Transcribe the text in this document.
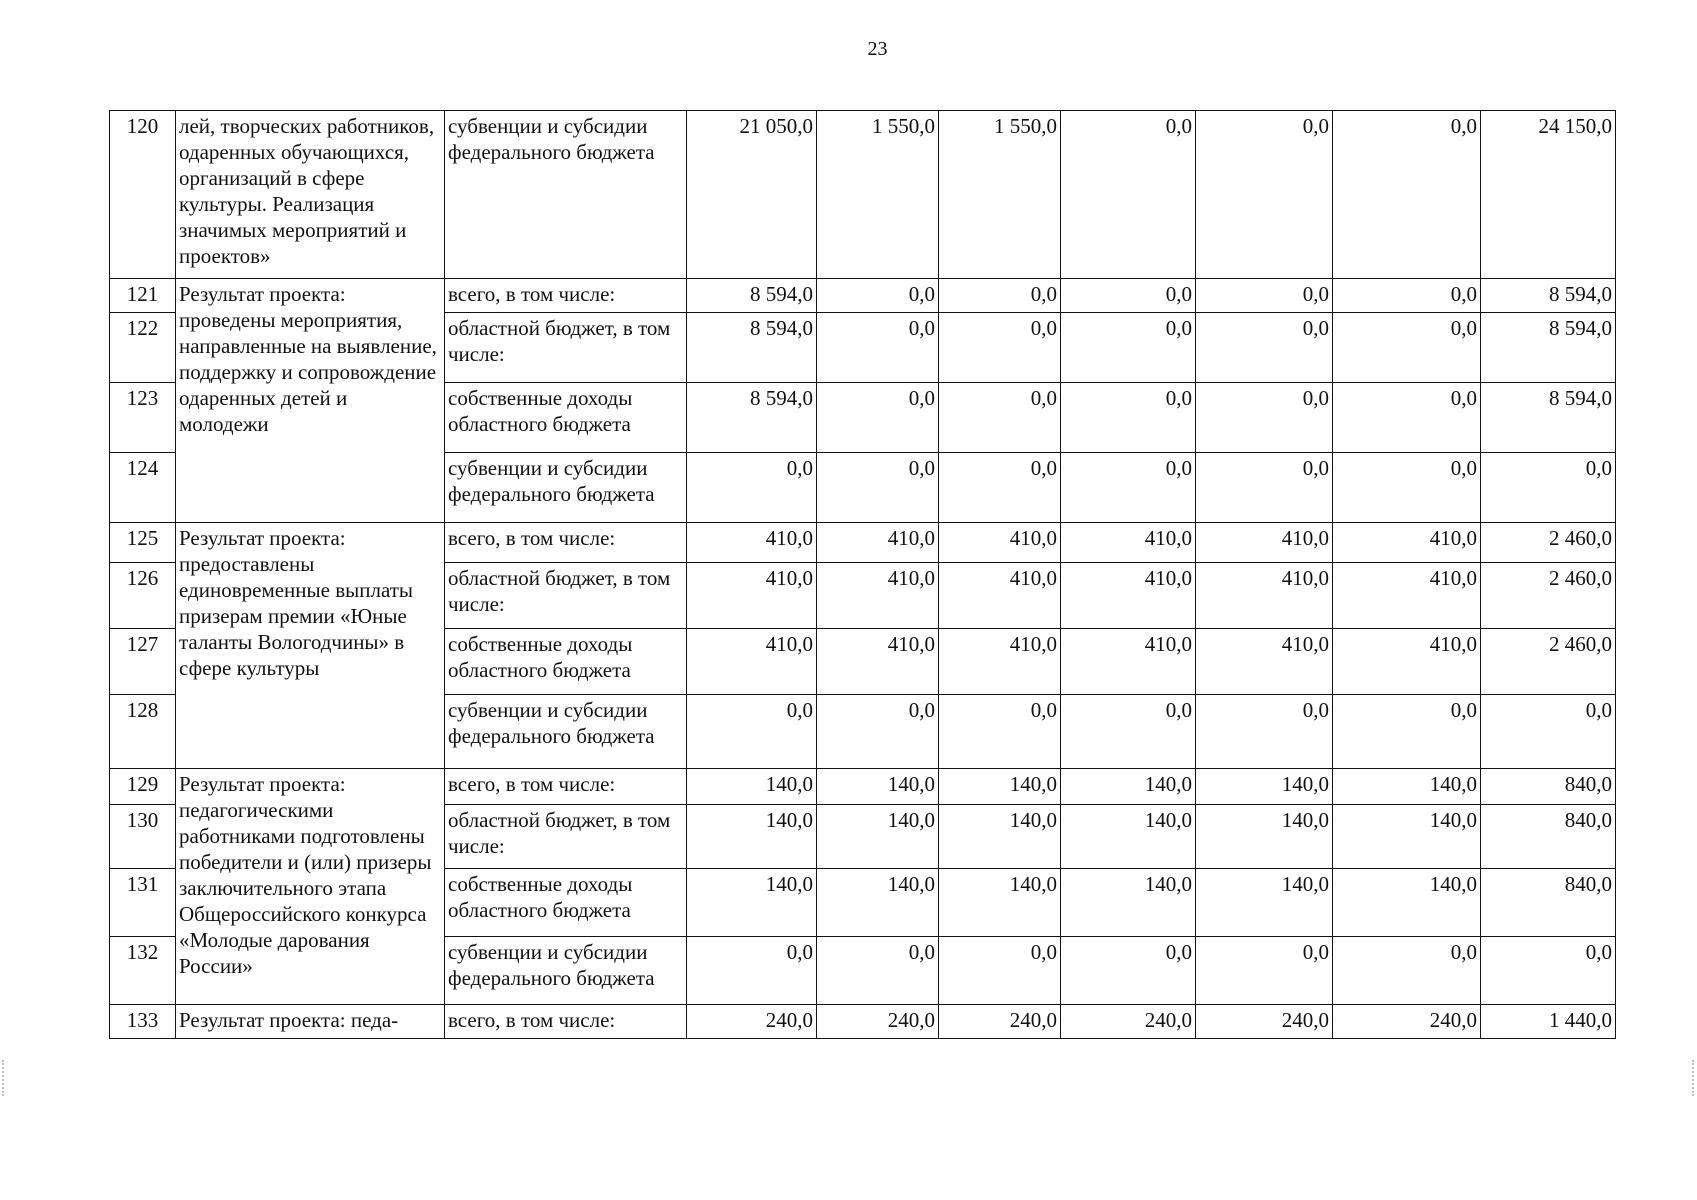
23
120	лей, творческих работников, одаренных обучающихся, организаций в сфере культуры. Реализация значимых мероприятий и проектов»	субвенции и субсидии федерального бюджета	21 050,0	1 550,0	1 550,0	0,0	0,0	0,0	24 150,0
121	Результат проекта: проведены мероприятия, направленные на выявление, поддержку и сопровождение одаренных детей и молодежи	всего, в том числе:	8 594,0	0,0	0,0	0,0	0,0	0,0	8 594,0
122		областной бюджет, в том числе:	8 594,0	0,0	0,0	0,0	0,0	0,0	8 594,0
123		собственные доходы областного бюджета	8 594,0	0,0	0,0	0,0	0,0	0,0	8 594,0
124		субвенции и субсидии федерального бюджета	0,0	0,0	0,0	0,0	0,0	0,0	0,0
125	Результат проекта: предоставлены единовременные выплаты призерам премии «Юные таланты Вологодчины» в сфере культуры	всего, в том числе:	410,0	410,0	410,0	410,0	410,0	410,0	2 460,0
126		областной бюджет, в том числе:	410,0	410,0	410,0	410,0	410,0	410,0	2 460,0
127		собственные доходы областного бюджета	410,0	410,0	410,0	410,0	410,0	410,0	2 460,0
128		субвенции и субсидии федерального бюджета	0,0	0,0	0,0	0,0	0,0	0,0	0,0
129	Результат проекта: педагогическими работниками подготовлены победители и (или) призеры заключительного этапа Общероссийского конкурса «Молодые дарования России»	всего, в том числе:	140,0	140,0	140,0	140,0	140,0	140,0	840,0
130		областной бюджет, в том числе:	140,0	140,0	140,0	140,0	140,0	140,0	840,0
131		собственные доходы областного бюджета	140,0	140,0	140,0	140,0	140,0	140,0	840,0
132		субвенции и субсидии федерального бюджета	0,0	0,0	0,0	0,0	0,0	0,0	0,0
133	Результат проекта: педа-	всего, в том числе:	240,0	240,0	240,0	240,0	240,0	240,0	1 440,0
